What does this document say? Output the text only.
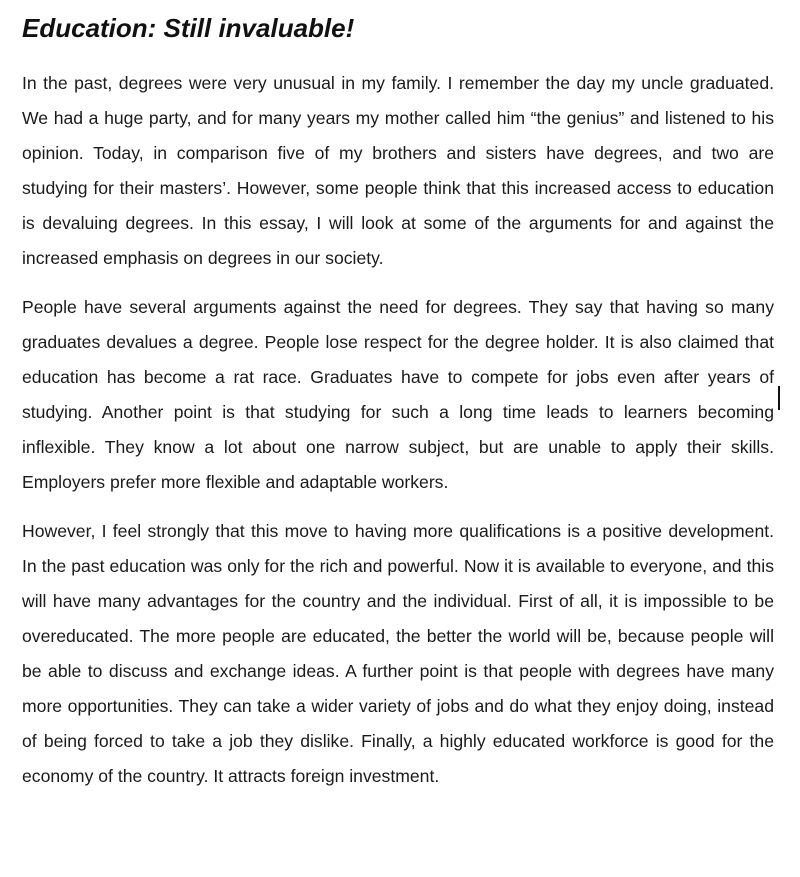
Education: Still invaluable!

In the past, degrees were very unusual in my family. I remember the day my uncle graduated. We had a huge party, and for many years my mother called him “the genius” and listened to his opinion. Today, in comparison five of my brothers and sisters have degrees, and two are studying for their masters’. However, some people think that this increased access to education is devaluing degrees. In this essay, I will look at some of the arguments for and against the increased emphasis on degrees in our society.

People have several arguments against the need for degrees. They say that having so many graduates devalues a degree. People lose respect for the degree holder. It is also claimed that education has become a rat race. Graduates have to compete for jobs even after years of studying. Another point is that studying for such a long time leads to learners becoming inflexible. They know a lot about one narrow subject, but are unable to apply their skills. Employers prefer more flexible and adaptable workers.

However, I feel strongly that this move to having more qualifications is a positive development. In the past education was only for the rich and powerful. Now it is available to everyone, and this will have many advantages for the country and the individual. First of all, it is impossible to be overeducated. The more people are educated, the better the world will be, because people will be able to discuss and exchange ideas. A further point is that people with degrees have many more opportunities. They can take a wider variety of jobs and do what they enjoy doing, instead of being forced to take a job they dislike. Finally, a highly educated workforce is good for the economy of the country. It attracts foreign investment.
